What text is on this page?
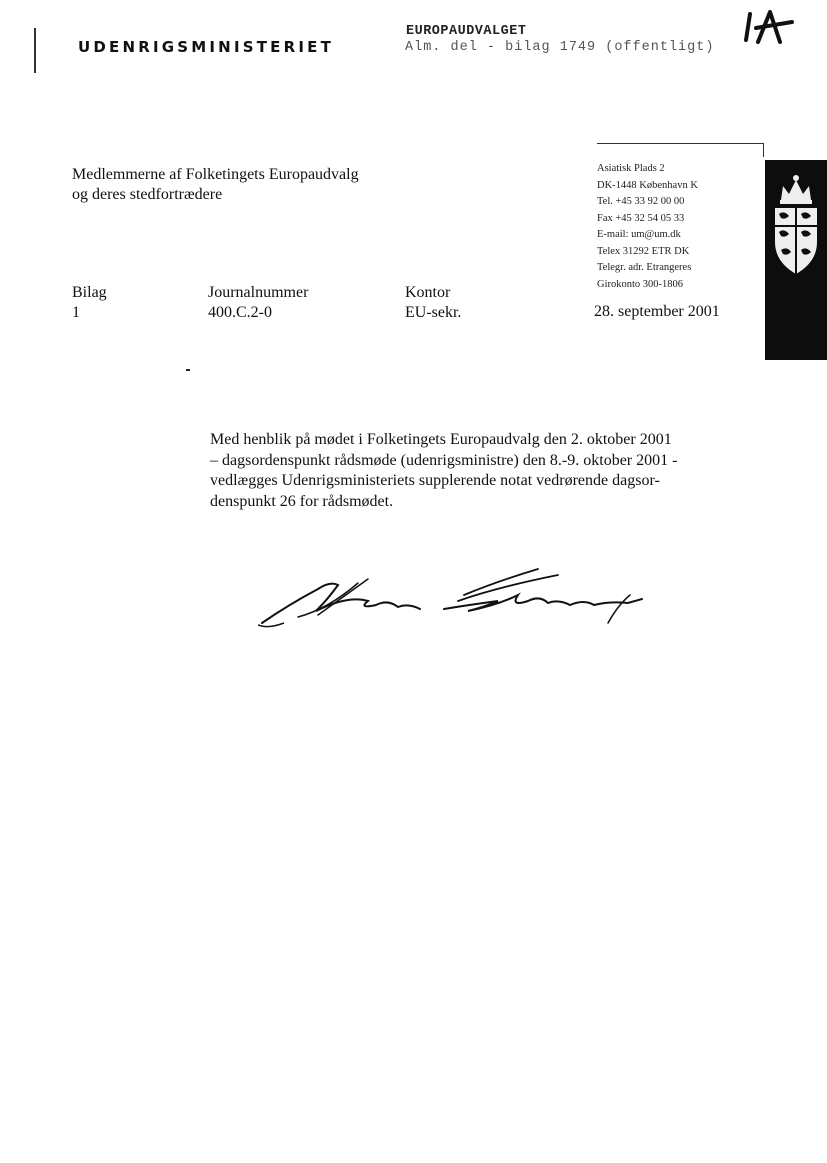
UDENRIGSMINISTERIET
EUROPAUDVALGET
Alm. del - bilag 1749 (offentligt)
Medlemmerne af Folketingets Europaudvalg
og deres stedfortrædere
Asiatisk Plads 2
DK-1448 København K
Tel. +45 33 92 00 00
Fax +45 32 54 05 33
E-mail: um@um.dk
Telex 31292 ETR DK
Telegr. adr. Etrangeres
Girokonto 300-1806
Bilag
1
Journalnummer
400.C.2-0
Kontor
EU-sekr.	28. september 2001
Med henblik på mødet i Folketingets Europaudvalg den 2. oktober 2001
– dagsordenspunkt rådsmøde (udenrigsministre) den 8.-9. oktober 2001 -
vedlægges Udenrigsministeriets supplerende notat vedrørende dagsor-
denspunkt 26 for rådsmødet.
